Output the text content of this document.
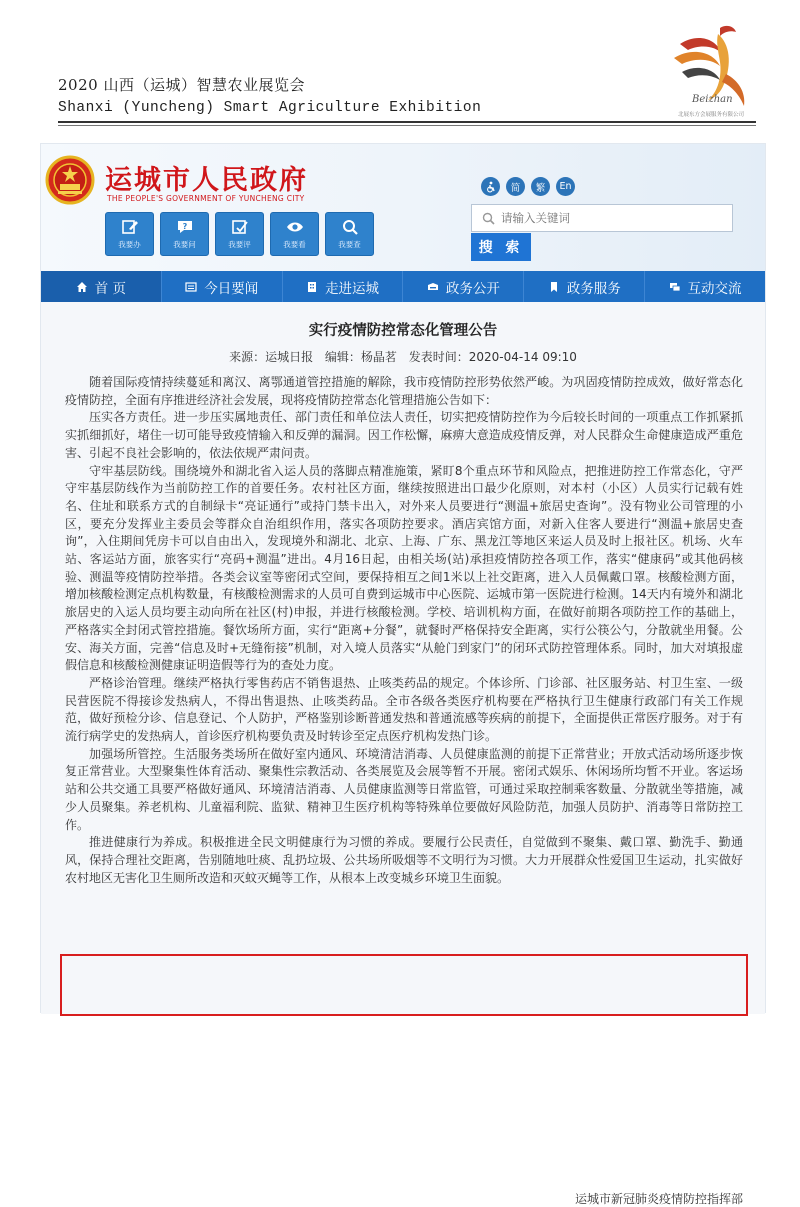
2020 山西（运城）智慧农业展览会
Shanxi (Yuncheng) Smart Agriculture Exhibition
Beizhan
北展东方会展服务有限公司
运城市人民政府
THE PEOPLE'S GOVERNMENT OF YUNCHENG CITY
我要办
?
我要问	我要评	我要看	我要查
简	繁	En
请输入关键词
搜 索
首 页	今日要闻	走进运城	政务公开	政务服务	互动交流
实行疫情防控常态化管理公告
来源：运城日报 编辑：杨晶茗 发表时间：2020-04-14 09:10

随着国际疫情持续蔓延和离汉、离鄂通道管控措施的解除，我市疫情防控形势依然严峻。为巩固疫情防控成效，做好常态化疫情防控，全面有序推进经济社会发展，现将疫情防控常态化管理措施公告如下：

压实各方责任。进一步压实属地责任、部门责任和单位法人责任，切实把疫情防控作为今后较长时间的一项重点工作抓紧抓实抓细抓好，堵住一切可能导致疫情输入和反弹的漏洞。因工作松懈，麻痹大意造成疫情反弹，对人民群众生命健康造成严重危害、引起不良社会影响的，依法依规严肃问责。

守牢基层防线。围绕境外和湖北省入运人员的落脚点精准施策，紧盯8个重点环节和风险点，把推进防控工作常态化，守严守牢基层防线作为当前防控工作的首要任务。农村社区方面，继续按照进出口最少化原则，对本村（小区）人员实行记载有姓名、住址和联系方式的自制绿卡“亮证通行”或持门禁卡出入，对外来人员要进行“测温+旅居史查询”。没有物业公司管理的小区，要充分发挥业主委员会等群众自治组织作用，落实各项防控要求。酒店宾馆方面，对新入住客人要进行“测温+旅居史查询”，入住期间凭房卡可以自由出入，发现境外和湖北、北京、上海、广东、黑龙江等地区来运人员及时上报社区。机场、火车站、客运站方面，旅客实行“亮码+测温”进出。4月16日起，由相关场(站)承担疫情防控各项工作，落实“健康码”或其他码核验、测温等疫情防控举措。各类会议室等密闭式空间，要保持相互之间1米以上社交距离，进入人员佩戴口罩。核酸检测方面，增加核酸检测定点机构数量，有核酸检测需求的人员可自费到运城市中心医院、运城市第一医院进行检测。14天内有境外和湖北旅居史的入运人员均要主动向所在社区(村)申报，并进行核酸检测。学校、培训机构方面，在做好前期各项防控工作的基础上，严格落实全封闭式管控措施。餐饮场所方面，实行“距离+分餐”，就餐时严格保持安全距离，实行公筷公勺，分散就坐用餐。公安、海关方面，完善“信息及时+无缝衔接”机制，对入境人员落实“从舱门到家门”的闭环式防控管理体系。同时，加大对填报虚假信息和核酸检测健康证明造假等行为的查处力度。

严格诊治管理。继续严格执行零售药店不销售退热、止咳类药品的规定。个体诊所、门诊部、社区服务站、村卫生室、一级民营医院不得接诊发热病人，不得出售退热、止咳类药品。全市各级各类医疗机构要在严格执行卫生健康行政部门有关工作规范，做好预检分诊、信息登记、个人防护，严格鉴别诊断普通发热和普通流感等疾病的前提下，全面提供正常医疗服务。对于有流行病学史的发热病人，首诊医疗机构要负责及时转诊至定点医疗机构发热门诊。

加强场所管控。生活服务类场所在做好室内通风、环境清洁消毒、人员健康监测的前提下正常营业；开放式活动场所逐步恢复正常营业。大型聚集性体育活动、聚集性宗教活动、各类展览及会展等暂不开展。密闭式娱乐、休闲场所均暂不开业。客运场站和公共交通工具要严格做好通风、环境清洁消毒、人员健康监测等日常监管，可通过采取控制乘客数量、分散就坐等措施，减少人员聚集。养老机构、儿童福利院、监狱、精神卫生医疗机构等特殊单位要做好风险防范，加强人员防护、消毒等日常防控工作。

推进健康行为养成。积极推进全民文明健康行为习惯的养成。要履行公民责任，自觉做到不聚集、戴口罩、勤洗手、勤通风，保持合理社交距离，告别随地吐痰、乱扔垃圾、公共场所吸烟等不文明行为习惯。大力开展群众性爱国卫生运动，扎实做好农村地区无害化卫生厕所改造和灭蚊灭蝇等工作，从根本上改变城乡环境卫生面貌。

运城市新冠肺炎疫情防控指挥部
